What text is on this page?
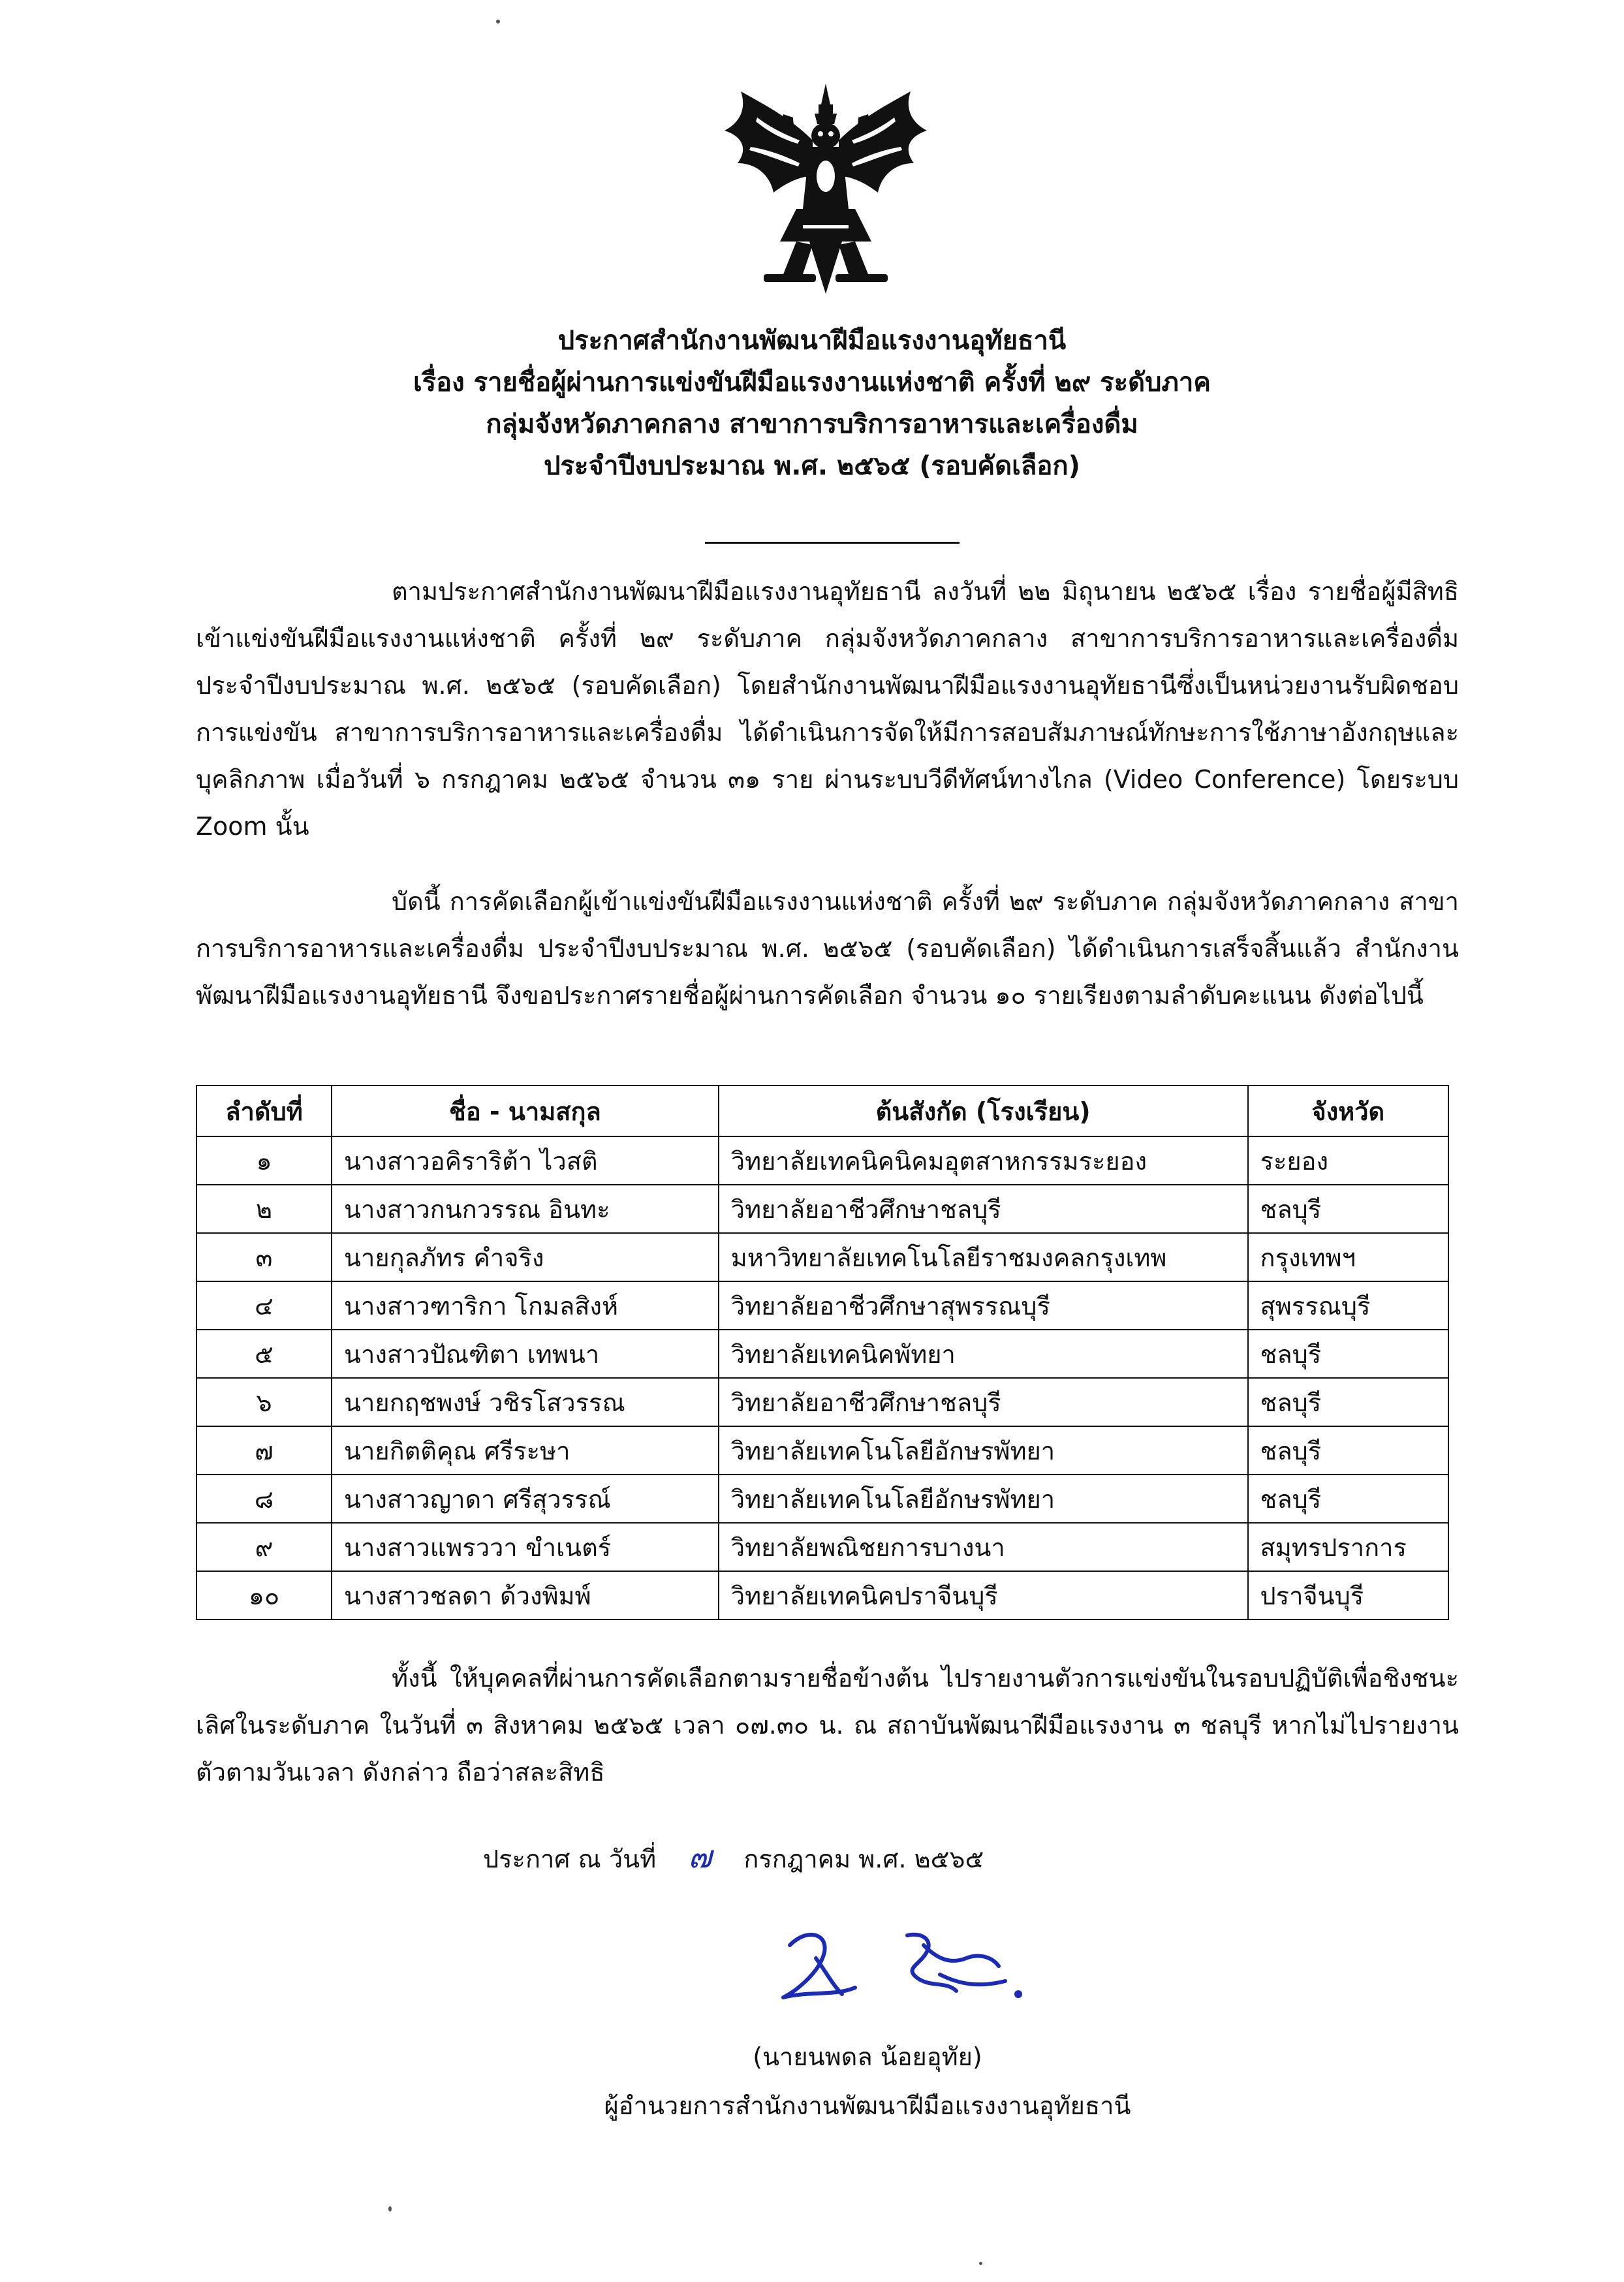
ประกาศสำนักงานพัฒนาฝีมือแรงงานอุทัยธานี
เรื่อง รายชื่อผู้ผ่านการแข่งขันฝีมือแรงงานแห่งชาติ ครั้งที่ ๒๙ ระดับภาค
กลุ่มจังหวัดภาคกลาง สาขาการบริการอาหารและเครื่องดื่ม
ประจำปีงบประมาณ พ.ศ. ๒๕๖๕ (รอบคัดเลือก)
ตามประกาศสำนักงานพัฒนาฝีมือแรงงานอุทัยธานี ลงวันที่ ๒๒ มิถุนายน ๒๕๖๕ เรื่อง รายชื่อผู้มีสิทธิเข้าแข่งขันฝีมือแรงงานแห่งชาติ ครั้งที่ ๒๙ ระดับภาค กลุ่มจังหวัดภาคกลาง สาขาการบริการอาหารและเครื่องดื่ม ประจำปีงบประมาณ พ.ศ. ๒๕๖๕ (รอบคัดเลือก) โดยสำนักงานพัฒนาฝีมือแรงงานอุทัยธานีซึ่งเป็นหน่วยงานรับผิดชอบการแข่งขัน สาขาการบริการอาหารและเครื่องดื่ม ได้ดำเนินการจัดให้มีการสอบสัมภาษณ์ทักษะการใช้ภาษาอังกฤษและบุคลิกภาพ เมื่อวันที่ ๖ กรกฎาคม ๒๕๖๕ จำนวน ๓๑ ราย ผ่านระบบวีดีทัศน์ทางไกล (Video Conference) โดยระบบ Zoom นั้น
บัดนี้ การคัดเลือกผู้เข้าแข่งขันฝีมือแรงงานแห่งชาติ ครั้งที่ ๒๙ ระดับภาค กลุ่มจังหวัดภาคกลาง สาขาการบริการอาหารและเครื่องดื่ม ประจำปีงบประมาณ พ.ศ. ๒๕๖๕ (รอบคัดเลือก) ได้ดำเนินการเสร็จสิ้นแล้ว สำนักงานพัฒนาฝีมือแรงงานอุทัยธานี จึงขอประกาศรายชื่อผู้ผ่านการคัดเลือก จำนวน ๑๐ รายเรียงตามลำดับคะแนน ดังต่อไปนี้
ลำดับที่	ชื่อ - นามสกุล	ต้นสังกัด (โรงเรียน)	จังหวัด
๑	นางสาวอคิราริต้า ไวสติ	วิทยาลัยเทคนิคนิคมอุตสาหกรรมระยอง	ระยอง
๒	นางสาวกนกวรรณ อินทะ	วิทยาลัยอาชีวศึกษาชลบุรี	ชลบุรี
๓	นายกุลภัทร คำจริง	มหาวิทยาลัยเทคโนโลยีราชมงคลกรุงเทพ	กรุงเทพฯ
๔	นางสาวฑาริกา โกมลสิงห์	วิทยาลัยอาชีวศึกษาสุพรรณบุรี	สุพรรณบุรี
๕	นางสาวปัณฑิตา เทพนา	วิทยาลัยเทคนิคพัทยา	ชลบุรี
๖	นายกฤชพงษ์ วชิรโสวรรณ	วิทยาลัยอาชีวศึกษาชลบุรี	ชลบุรี
๗	นายกิตติคุณ ศรีระษา	วิทยาลัยเทคโนโลยีอักษรพัทยา	ชลบุรี
๘	นางสาวญาดา ศรีสุวรรณ์	วิทยาลัยเทคโนโลยีอักษรพัทยา	ชลบุรี
๙	นางสาวแพรววา ขำเนตร์	วิทยาลัยพณิชยการบางนา	สมุทรปราการ
๑๐	นางสาวชลดา ด้วงพิมพ์	วิทยาลัยเทคนิคปราจีนบุรี	ปราจีนบุรี
ทั้งนี้ ให้บุคคลที่ผ่านการคัดเลือกตามรายชื่อข้างต้น ไปรายงานตัวการแข่งขันในรอบปฏิบัติเพื่อชิงชนะเลิศในระดับภาค ในวันที่ ๓ สิงหาคม ๒๕๖๕ เวลา ๐๗.๓๐ น. ณ สถาบันพัฒนาฝีมือแรงงาน ๓ ชลบุรี หากไม่ไปรายงานตัวตามวันเวลา ดังกล่าว ถือว่าสละสิทธิ
ประกาศ ณ วันที่ ๗ กรกฎาคม พ.ศ. ๒๕๖๕
(นายนพดล น้อยอุทัย)
ผู้อำนวยการสำนักงานพัฒนาฝีมือแรงงานอุทัยธานี
